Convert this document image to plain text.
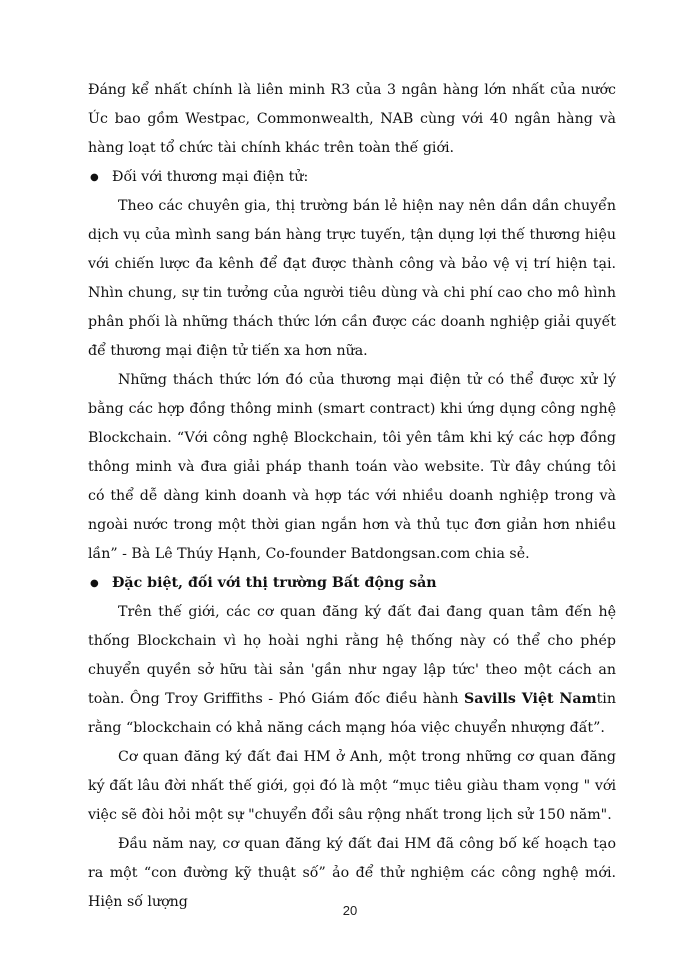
Đáng kể nhất chính là liên minh R3 của 3 ngân hàng lớn nhất của nước Úc bao gồm Westpac, Commonwealth, NAB cùng với 40 ngân hàng và hàng loạt tổ chức tài chính khác trên toàn thế giới.

● Đối với thương mại điện tử:

Theo các chuyên gia, thị trường bán lẻ hiện nay nên dần dần chuyển dịch vụ của mình sang bán hàng trực tuyến, tận dụng lợi thế thương hiệu với chiến lược đa kênh để đạt được thành công và bảo vệ vị trí hiện tại. Nhìn chung, sự tin tưởng của người tiêu dùng và chi phí cao cho mô hình phân phối là những thách thức lớn cần được các doanh nghiệp giải quyết để thương mại điện tử tiến xa hơn nữa.

Những thách thức lớn đó của thương mại điện tử có thể được xử lý bằng các hợp đồng thông minh (smart contract) khi ứng dụng công nghệ Blockchain. “Với công nghệ Blockchain, tôi yên tâm khi ký các hợp đồng thông minh và đưa giải pháp thanh toán vào website. Từ đây chúng tôi có thể dễ dàng kinh doanh và hợp tác với nhiều doanh nghiệp trong và ngoài nước trong một thời gian ngắn hơn và thủ tục đơn giản hơn nhiều lần” - Bà Lê Thúy Hạnh, Co-founder Batdongsan.com chia sẻ.

● Đặc biệt, đối với thị trường Bất động sản

Trên thế giới, các cơ quan đăng ký đất đai đang quan tâm đến hệ thống Blockchain vì họ hoài nghi rằng hệ thống này có thể cho phép chuyển quyền sở hữu tài sản 'gần như ngay lập tức' theo một cách an toàn. Ông Troy Griffiths - Phó Giám đốc điều hành Savills Việt Namtin rằng “blockchain có khả năng cách mạng hóa việc chuyển nhượng đất”.

Cơ quan đăng ký đất đai HM ở Anh, một trong những cơ quan đăng ký đất lâu đời nhất thế giới, gọi đó là một “mục tiêu giàu tham vọng " với việc sẽ đòi hỏi một sự "chuyển đổi sâu rộng nhất trong lịch sử 150 năm".

Đầu năm nay, cơ quan đăng ký đất đai HM đã công bố kế hoạch tạo ra một “con đường kỹ thuật số” ảo để thử nghiệm các công nghệ mới. Hiện số lượng

20
